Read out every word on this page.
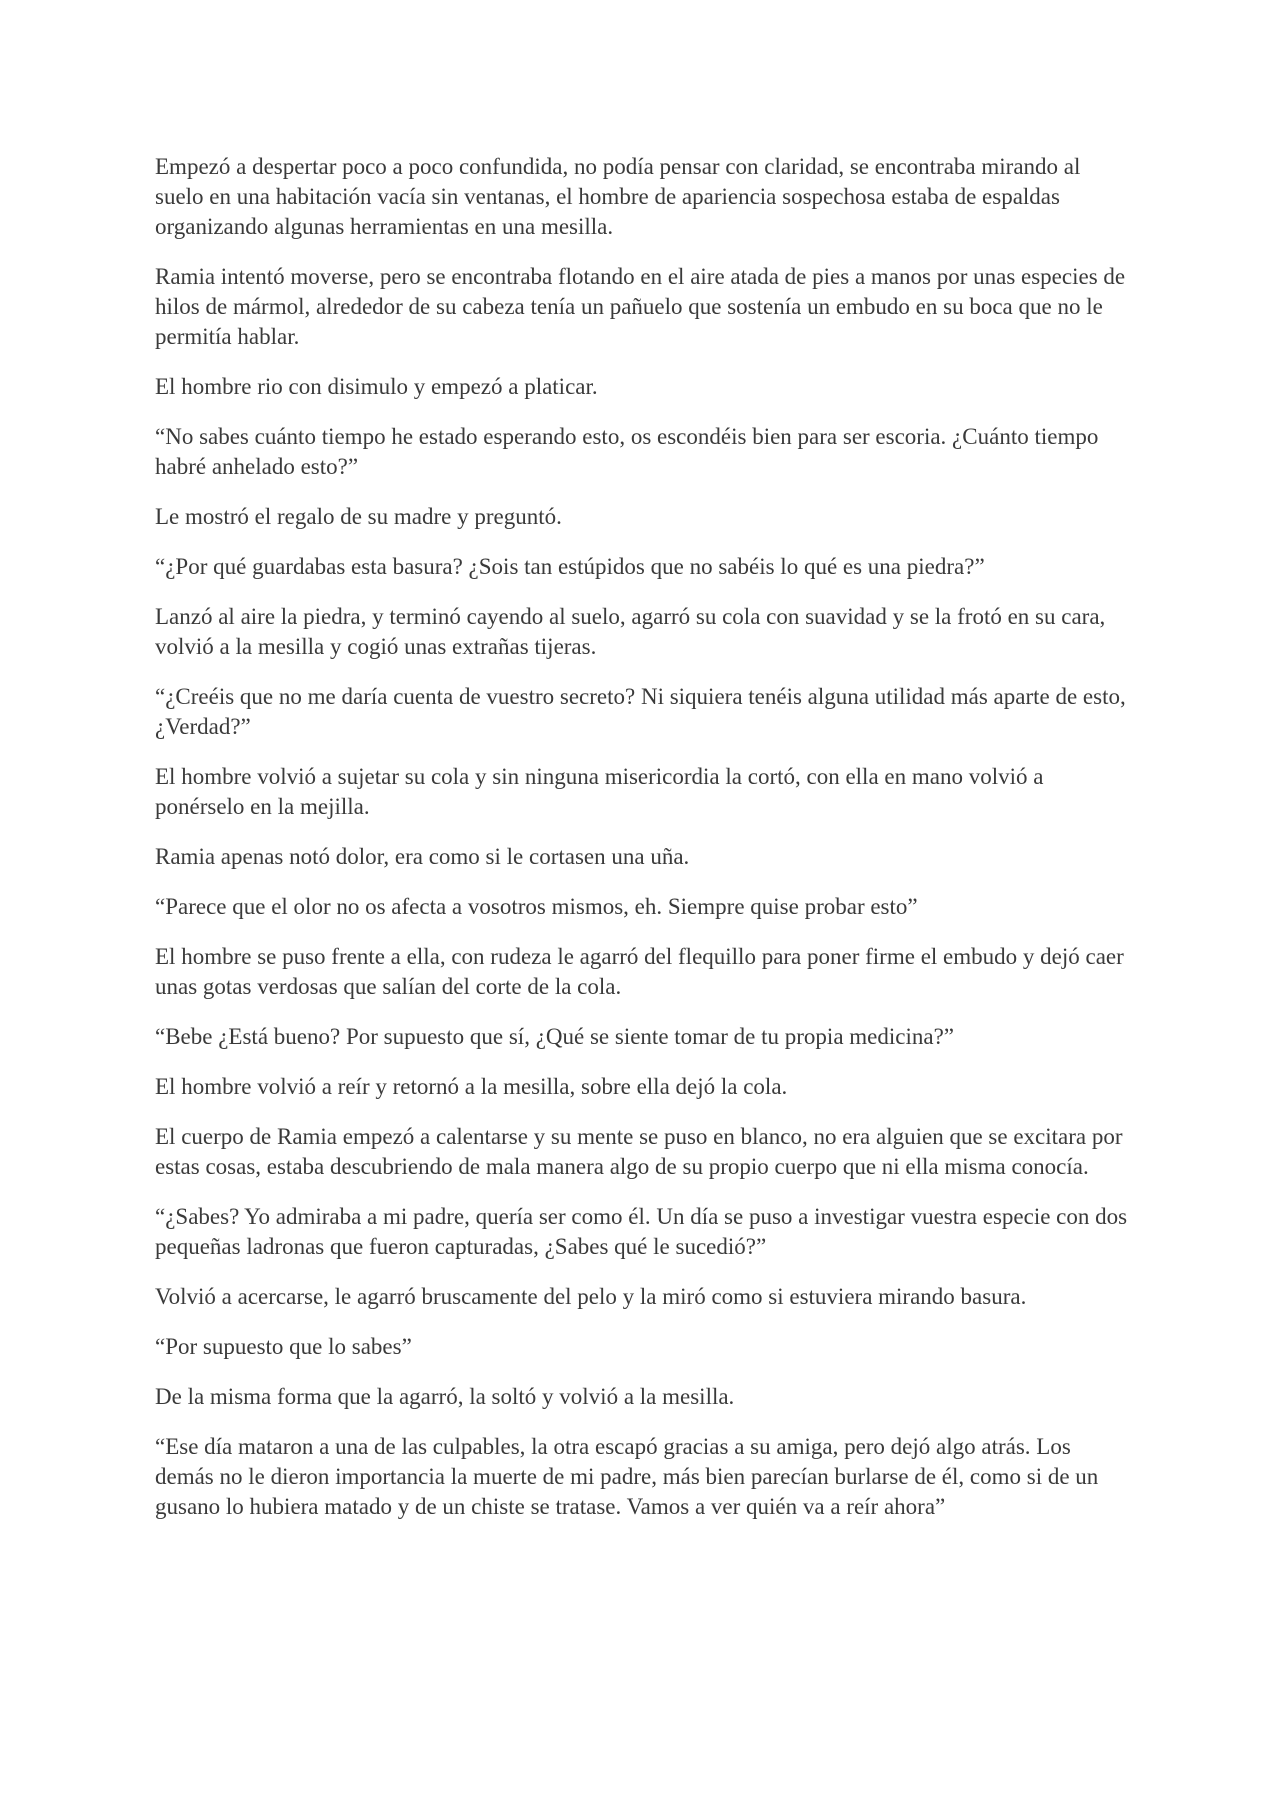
Empezó a despertar poco a poco confundida, no podía pensar con claridad, se encontraba mirando al suelo en una habitación vacía sin ventanas, el hombre de apariencia sospechosa estaba de espaldas organizando algunas herramientas en una mesilla.

Ramia intentó moverse, pero se encontraba flotando en el aire atada de pies a manos por unas especies de hilos de mármol, alrededor de su cabeza tenía un pañuelo que sostenía un embudo en su boca que no le permitía hablar.

El hombre rio con disimulo y empezó a platicar.

“No sabes cuánto tiempo he estado esperando esto, os escondéis bien para ser escoria. ¿Cuánto tiempo habré anhelado esto?”

Le mostró el regalo de su madre y preguntó.

“¿Por qué guardabas esta basura? ¿Sois tan estúpidos que no sabéis lo qué es una piedra?”

Lanzó al aire la piedra, y terminó cayendo al suelo, agarró su cola con suavidad y se la frotó en su cara, volvió a la mesilla y cogió unas extrañas tijeras.

“¿Creéis que no me daría cuenta de vuestro secreto? Ni siquiera tenéis alguna utilidad más aparte de esto, ¿Verdad?”

El hombre volvió a sujetar su cola y sin ninguna misericordia la cortó, con ella en mano volvió a ponérselo en la mejilla.

Ramia apenas notó dolor, era como si le cortasen una uña.

“Parece que el olor no os afecta a vosotros mismos, eh. Siempre quise probar esto”

El hombre se puso frente a ella, con rudeza le agarró del flequillo para poner firme el embudo y dejó caer unas gotas verdosas que salían del corte de la cola.

“Bebe ¿Está bueno? Por supuesto que sí, ¿Qué se siente tomar de tu propia medicina?”

El hombre volvió a reír y retornó a la mesilla, sobre ella dejó la cola.

El cuerpo de Ramia empezó a calentarse y su mente se puso en blanco, no era alguien que se excitara por estas cosas, estaba descubriendo de mala manera algo de su propio cuerpo que ni ella misma conocía.

“¿Sabes? Yo admiraba a mi padre, quería ser como él. Un día se puso a investigar vuestra especie con dos pequeñas ladronas que fueron capturadas, ¿Sabes qué le sucedió?”

Volvió a acercarse, le agarró bruscamente del pelo y la miró como si estuviera mirando basura.

“Por supuesto que lo sabes”

De la misma forma que la agarró, la soltó y volvió a la mesilla.

“Ese día mataron a una de las culpables, la otra escapó gracias a su amiga, pero dejó algo atrás. Los demás no le dieron importancia la muerte de mi padre, más bien parecían burlarse de él, como si de un gusano lo hubiera matado y de un chiste se tratase. Vamos a ver quién va a reír ahora”
